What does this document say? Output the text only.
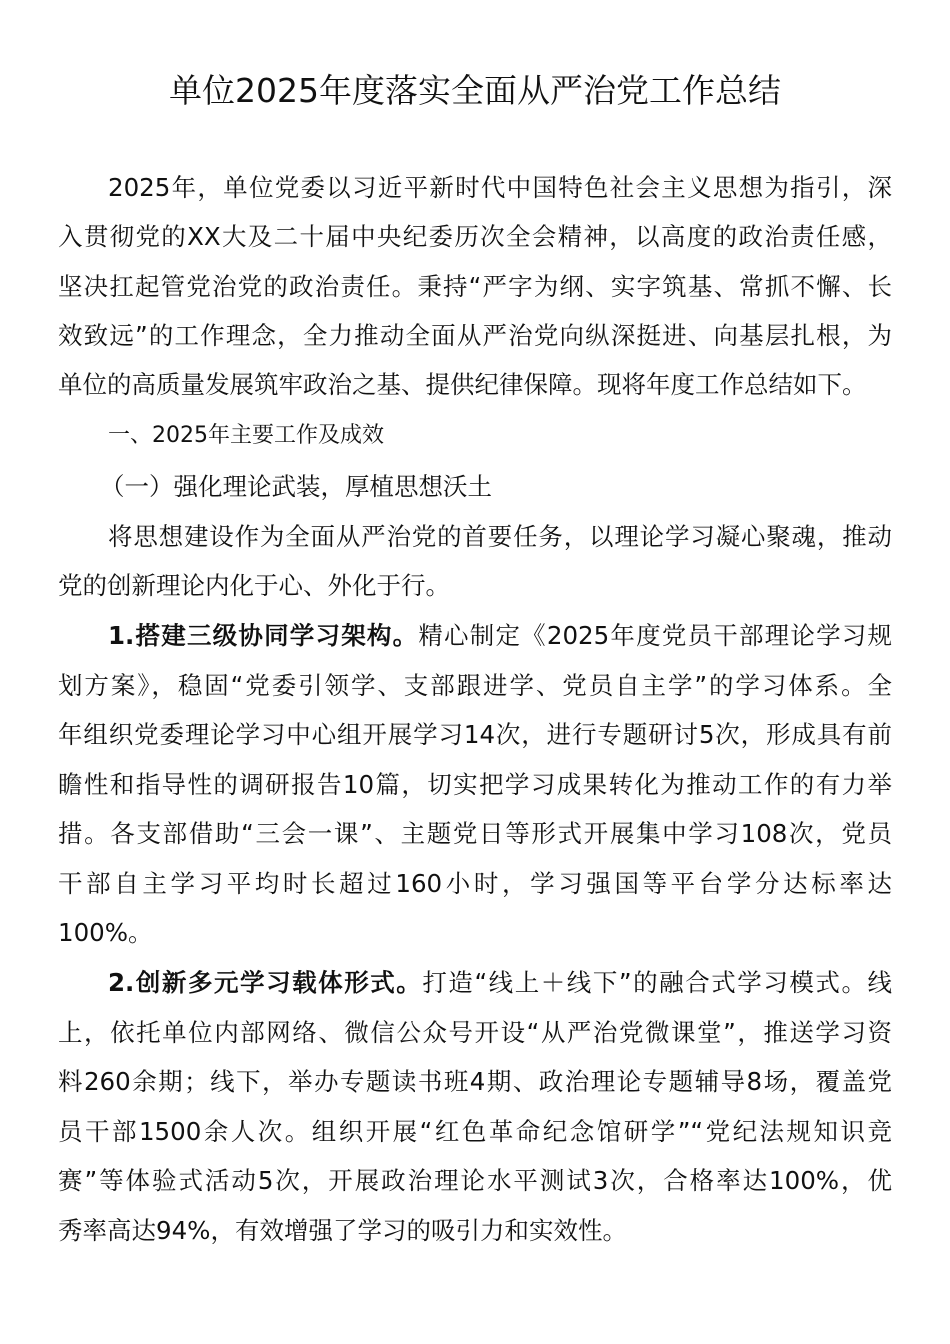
单位2025年度落实全面从严治党工作总结
2025年，单位党委以习近平新时代中国特色社会主义思想为指引，深
入贯彻党的XX大及二十届中央纪委历次全会精神，以高度的政治责任感，
坚决扛起管党治党的政治责任。秉持“严字为纲、实字筑基、常抓不懈、长
效致远”的工作理念，全力推动全面从严治党向纵深挺进、向基层扎根，为
单位的高质量发展筑牢政治之基、提供纪律保障。现将年度工作总结如下。
一、2025年主要工作及成效
（一）强化理论武装，厚植思想沃土
将思想建设作为全面从严治党的首要任务，以理论学习凝心聚魂，推动
党的创新理论内化于心、外化于行。
1.搭建三级协同学习架构。精心制定《2025年度党员干部理论学习规
划方案》，稳固“党委引领学、支部跟进学、党员自主学”的学习体系。全
年组织党委理论学习中心组开展学习14次，进行专题研讨5次，形成具有前
瞻性和指导性的调研报告10篇，切实把学习成果转化为推动工作的有力举
措。各支部借助“三会一课”、主题党日等形式开展集中学习108次，党员
干部自主学习平均时长超过160小时，学习强国等平台学分达标率达
100%。
2.创新多元学习载体形式。打造“线上＋线下”的融合式学习模式。线
上，依托单位内部网络、微信公众号开设“从严治党微课堂”，推送学习资
料260余期；线下，举办专题读书班4期、政治理论专题辅导8场，覆盖党
员干部1500余人次。组织开展“红色革命纪念馆研学”“党纪法规知识竞
赛”等体验式活动5次，开展政治理论水平测试3次，合格率达100%，优
秀率高达94%，有效增强了学习的吸引力和实效性。
